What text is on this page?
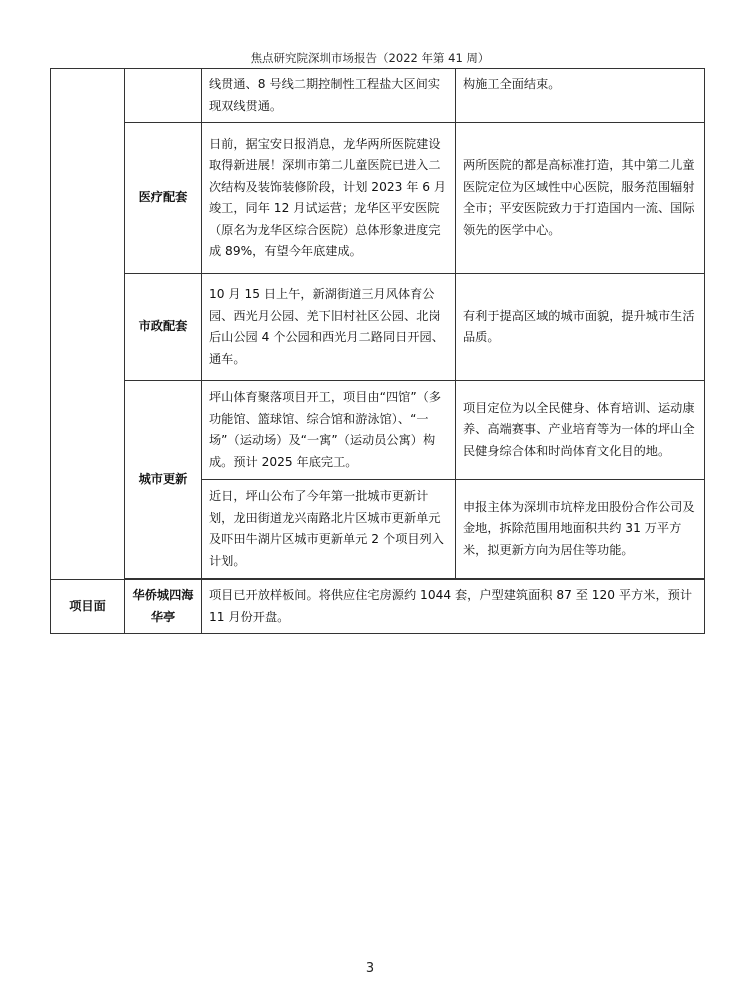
焦点研究院深圳市场报告（2022 年第 41 周）
		线贯通、8 号线二期控制性工程盐大区间实现双线贯通。	构施工全面结束。
	医疗配套	日前，据宝安日报消息，龙华两所医院建设取得新进展！深圳市第二儿童医院已进入二次结构及装饰装修阶段，计划 2023 年 6 月竣工，同年 12 月试运营；龙华区平安医院（原名为龙华区综合医院）总体形象进度完成 89%，有望今年底建成。	两所医院的都是高标准打造，其中第二儿童医院定位为区域性中心医院，服务范围辐射全市；平安医院致力于打造国内一流、国际领先的医学中心。
	市政配套	10 月 15 日上午，新湖街道三月风体育公园、西光月公园、羌下旧村社区公园、北岗后山公园 4 个公园和西光月二路同日开园、通车。	有利于提高区域的城市面貌，提升城市生活品质。
	城市更新	坪山体育聚落项目开工，项目由“四馆”（多功能馆、篮球馆、综合馆和游泳馆）、“一场”（运动场）及“一寓”（运动员公寓）构成。预计 2025 年底完工。	项目定位为以全民健身、体育培训、运动康养、高端赛事、产业培育等为一体的坪山全民健身综合体和时尚体育文化目的地。
		近日，坪山公布了今年第一批城市更新计划，龙田街道龙兴南路北片区城市更新单元及吓田牛湖片区城市更新单元 2 个项目列入计划。	申报主体为深圳市坑梓龙田股份合作公司及金地，拆除范围用地面积共约 31 万平方米，拟更新方向为居住等功能。

项目面	华侨城四海华亭	项目已开放样板间。将供应住宅房源约 1044 套，户型建筑面积 87 至 120 平方米，预计 11 月份开盘。	
3
